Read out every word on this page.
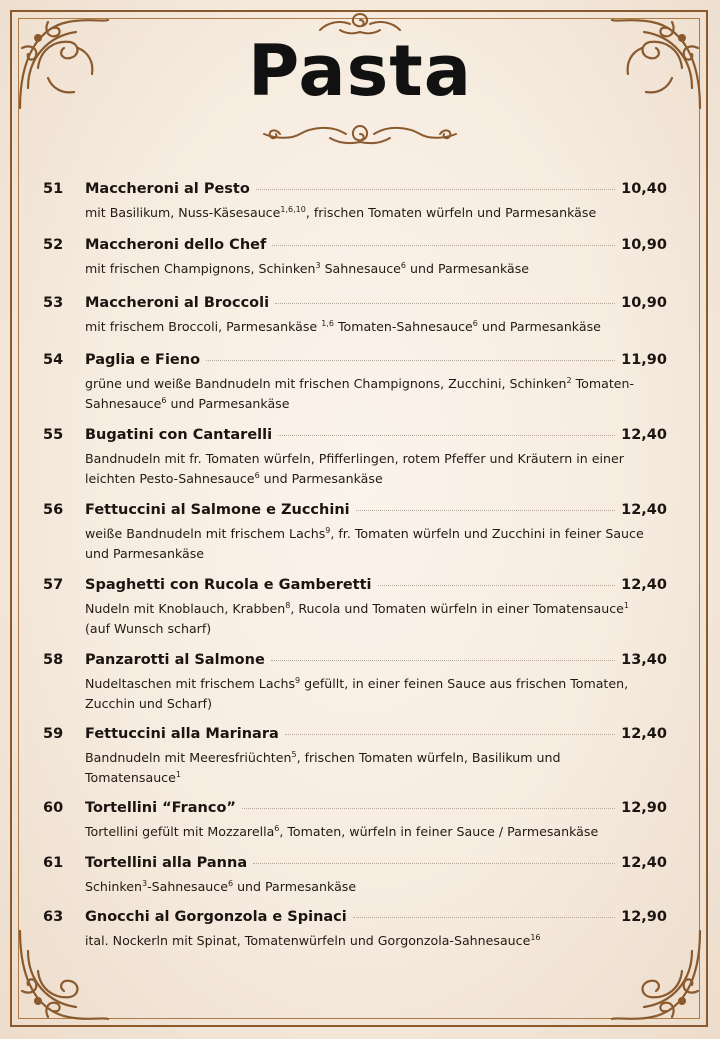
Pasta
51 Maccheroni al Pesto	10,40
mit Basilikum, Nuss-Käsesauce$^{1,6,10}$, frischen Tomaten würfeln und Parmesankäse
52 Maccheroni dello Chef	10,90
mit frischen Champignons, Schinken$^3$ Sahnesauce$^6$ und Parmesankäse
53 Maccheroni al Broccoli	10,90
mit frischem Broccoli, Parmesankäse $^{1,6}$ Tomaten-Sahnesauce$^6$ und Parmesankäse
54 Paglia e Fieno	11,90
grüne und weiße Bandnudeln mit frischen Champignons, Zucchini, Schinken$^2$ Tomaten-Sahnesauce$^6$ und Parmesankäse
55 Bugatini con Cantarelli	12,40
Bandnudeln mit fr. Tomaten würfeln, Pfifferlingen, rotem Pfeffer und Kräutern in einer leichten Pesto-Sahnesauce$^6$ und Parmesankäse
56 Fettuccini al Salmone e Zucchini	12,40
weiße Bandnudeln mit frischem Lachs$^9$, fr. Tomaten würfeln und Zucchini in feiner Sauce und Parmesankäse
57 Spaghetti con Rucola e Gamberetti	12,40
Nudeln mit Knoblauch, Krabben$^8$, Rucola und Tomaten würfeln in einer Tomatensauce$^1$ (auf Wunsch scharf)
58 Panzarotti al Salmone	13,40
Nudeltaschen mit frischem Lachs$^9$ gefüllt, in einer feinen Sauce aus frischen Tomaten, Zucchin und Scharf)
59 Fettuccini alla Marinara	12,40
Bandnudeln mit Meeresfriüchten$^5$, frischen Tomaten würfeln, Basilikum und Tomatensauce$^1$
60 Tortellini “Franco”	12,90
Tortellini gefült mit Mozzarella$^6$, Tomaten, würfeln in feiner Sauce / Parmesankäse
61 Tortellini alla Panna	12,40
Schinken$^3$-Sahnesauce$^6$ und Parmesankäse
63 Gnocchi al Gorgonzola e Spinaci	12,90
ital. Nockerln mit Spinat, Tomatenwürfeln und Gorgonzola-Sahnesauce$^{16}$
